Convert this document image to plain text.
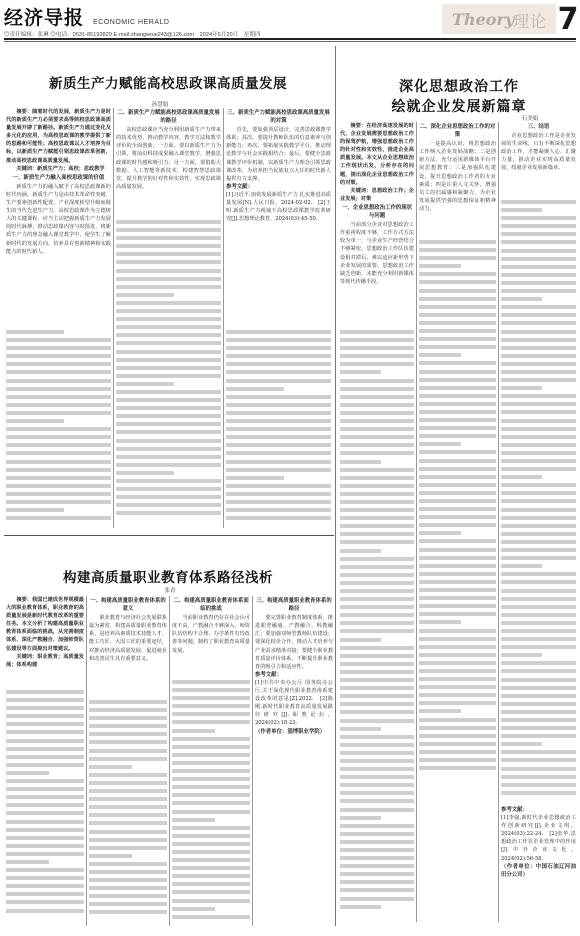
经济导报 ECONOMIC HERALD
◎责任编辑：张琳 ◎电话：0531-85193829 E-mail:zhangwoai243@126.com　2024年5月20日　星期四
Theory
理论 7
新质生产力赋能高校思政课高质量发展
孙慧娟

摘要：随着时代的发展，新质生产力是时代的新质生产力必须要求高等院校思政课高质量发展开辟了新路径。新质生产力通过变化及多元化的应用，为高校思政课的教学提供了新的思路和可能性；高校思政课以人才培养为目标，以新质生产力赋能引领思政课改革创新，推动高校思政课高质量发展。

关键词：新质生产力；高校；思政教学

一、新质生产力融入高校思政课的价值

新质生产力的融入赋予了高校思政课新的时代内涵。新质生产力是由技术革命性突破、生产要素创新性配置、产业深度转型升级而催生的当代先进生产力，高校思政课作为立德树人的关键课程，应当主动把握新质生产力发展的时代脉搏，推动思政课内容与时俱进，将新质生产力的理念融入课堂教学中，使学生了解新时代的发展方向，培养具有创新精神和实践能力的时代新人。

二、新质生产力赋能高校思政课高质量发展的路径

高校思政课应当充分利用新质生产力带来的技术优势，推动教学内容、教学方法和教学评价的全面创新。一方面，要以新质生产力为引领，将前沿科技成果融入课堂教学，增强思政课的时代感和吸引力；另一方面，要借助大数据、人工智能等新技术，构建智慧思政课堂，提升教学的针对性和实效性，实现思政课高质量发展。

三、新质生产力赋能高校思政课高质量发展的对策

首先，要加强顶层设计，完善思政课教学体系；其次，要提升教师队伍的信息素养与创新能力；再次，要拓展实践教学平台，推动理论教学与社会实践相结合；最后，要健全思政课教学评价机制，以新质生产力理念引领思政课改革，为培养担当民族复兴大任的时代新人提供有力支撑。

参考文献：

[1]习近平.加快发展新质生产力 扎实推进高质量发展[N].人民日报，2024-02-02.　[2]王明.新质生产力视域下高校思政课教学改革研究[J].思想理论教育，2024(03):45-50.

深化思想政治工作
绘就企业发展新篇章
石美娟

摘要：在经济高速发展的时代，企业发展需要思想政治工作的保驾护航，增强思想政治工作的针对性和实效性，推进企业高质量发展。本文从企业思想政治工作现状出发，分析存在的问题，提出深化企业思想政治工作的对策。

关键词：思想政治工作；企业发展；对策

一、企业思想政治工作的现状与问题

当前部分企业对思想政治工作重视程度不够，工作方式方法较为单一，与企业生产经营结合不够紧密，思想政治工作队伍建设相对滞后，难以适应新形势下企业发展的需要。思想政治工作缺乏创新，未能充分利用新媒体等现代传播手段。

二、深化企业思想政治工作的对策

一是提高认识，将思想政治工作纳入企业发展战略；二是创新方法，充分运用新媒体平台开展思想教育；三是加强队伍建设，提升思想政治工作者的专业素质；四是注重人文关怀，增强员工的归属感和凝聚力，为企业发展提供坚强的思想保证和精神动力。

三、结语

企业思想政治工作是企业发展的生命线，只有不断深化思想政治工作，才能凝聚人心、汇聚力量，推动企业实现高质量发展，绘就企业发展新篇章。

参考文献：

[1]李强.新时代企业思想政治工作创新研究[J].企业文明，2024(03):22-24.　[2]张华.思想政治工作在企业管理中的作用[J].中外企业文化，2024(02):56-58.

（作者单位：中国石油辽河油田分公司）

构建高质量职业教育体系路径浅析
张青

摘要：我国已建成世界规模最大的职业教育体系，职业教育的高质量发展是新时代教育改革的重要任务。本文分析了构建高质量职业教育体系面临的挑战，从完善制度体系、深化产教融合、加强师资队伍建设等方面提出对策建议。

关键词：职业教育；高质量发展；体系构建

一、构建高质量职业教育体系的意义

职业教育与经济社会发展联系最为紧密，构建高质量职业教育体系，是培养高素质技术技能人才、能工巧匠、大国工匠的重要途径，对推动经济高质量发展、促进就业和改善民生具有重要意义。

二、构建高质量职业教育体系面临的挑战

当前职业教育仍存在社会认可度不高、产教融合不够深入、师资队伍结构不合理、办学条件有待改善等问题，制约了职业教育高质量发展。

三、构建高质量职业教育体系的路径

要完善职业教育制度体系，推进职普融通、产教融合、科教融汇；要加强双师型教师队伍建设；要深化校企合作，推动人才培养与产业需求精准对接；要健全职业教育质量评价体系，不断提升职业教育的吸引力和适应性。

参考文献：

[1]中共中央办公厅 国务院办公厅.关于深化现代职业教育体系建设改革的意见[Z].2022.　[2]陈刚.新时代职业教育高质量发展路径研究[J].职教论坛，2024(02):18-23.

（作者单位：淄博职业学院）
